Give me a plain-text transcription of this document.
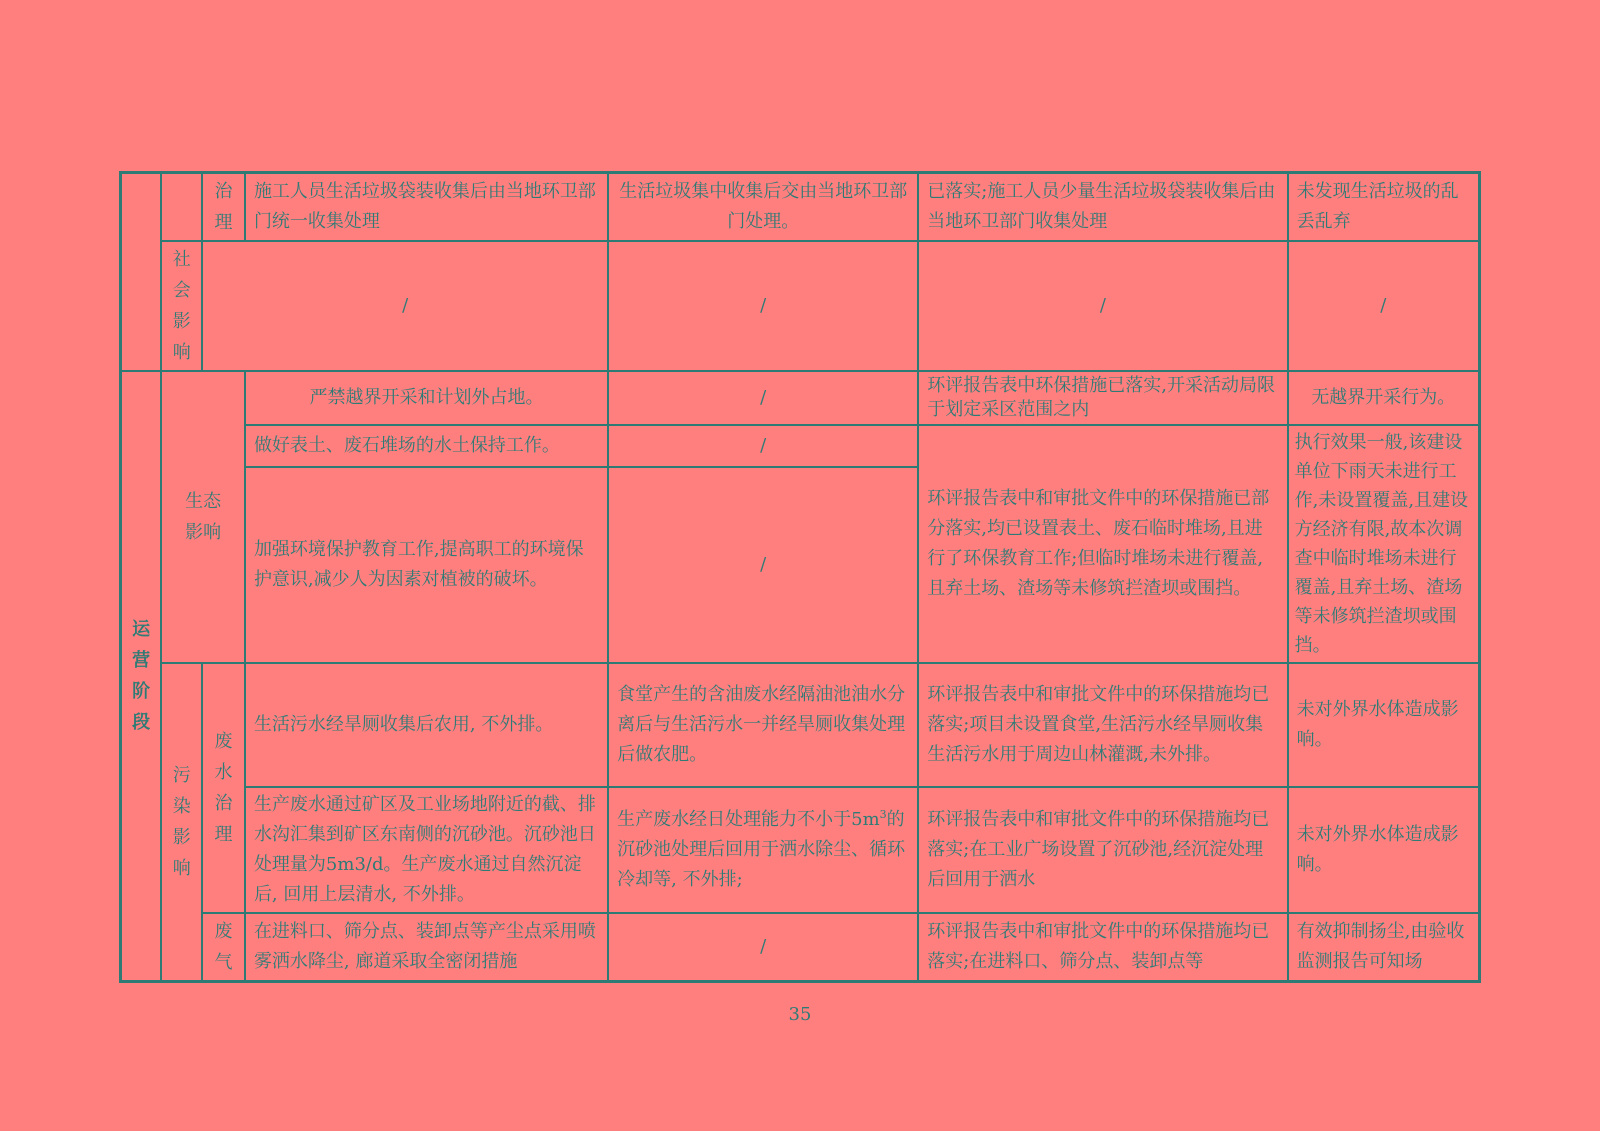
		治理	施工人员生活垃圾袋装收集后由当地环卫部门统一收集处理	生活垃圾集中收集后交由当地环卫部门处理。	已落实;施工人员少量生活垃圾袋装收集后由当地环卫部门收集处理	未发现生活垃圾的乱丢乱弃

	社会影响	/		/	/	/

运营阶段	生态影响		严禁越界开采和计划外占地。	/	环评报告表中环保措施已落实,开采活动局限于划定采区范围之内	无越界开采行为。
			做好表土、废石堆场的水土保持工作。	/	环评报告表中和审批文件中的环保措施已部分落实,均已设置表土、废石临时堆场,且进行了环保教育工作;但临时堆场未进行覆盖,且弃土场、渣场等未修筑拦渣坝或围挡。	执行效果一般,该建设单位下雨天未进行工作,未设置覆盖,且建设方经济有限,故本次调查中临时堆场未进行覆盖,且弃土场、渣场等未修筑拦渣坝或围挡。
			加强环境保护教育工作,提高职工的环境保护意识,减少人为因素对植被的破坏。	/		

	污染影响	废水治理	生活污水经旱厕收集后农用, 不外排。	食堂产生的含油废水经隔油池油水分离后与生活污水一并经旱厕收集处理后做农肥。	环评报告表中和审批文件中的环保措施均已落实;项目未设置食堂,生活污水经旱厕收集生活污水用于周边山林灌溉,未外排。	未对外界水体造成影响。
			生产废水通过矿区及工业场地附近的截、排水沟汇集到矿区东南侧的沉砂池。沉砂池日处理量为5m3/d。生产废水通过自然沉淀后, 回用上层清水, 不外排。	生产废水经日处理能力不小于$5m^3$的沉砂池处理后回用于洒水除尘、循环冷却等, 不外排;	环评报告表中和审批文件中的环保措施均已落实;在工业广场设置了沉砂池,经沉淀处理后回用于洒水	未对外界水体造成影响。

		废气	在进料口、筛分点、装卸点等产尘点采用喷雾洒水降尘, 廊道采取全密闭措施	/	环评报告表中和审批文件中的环保措施均已落实;在进料口、筛分点、装卸点等	有效抑制扬尘,由验收监测报告可知场
35
